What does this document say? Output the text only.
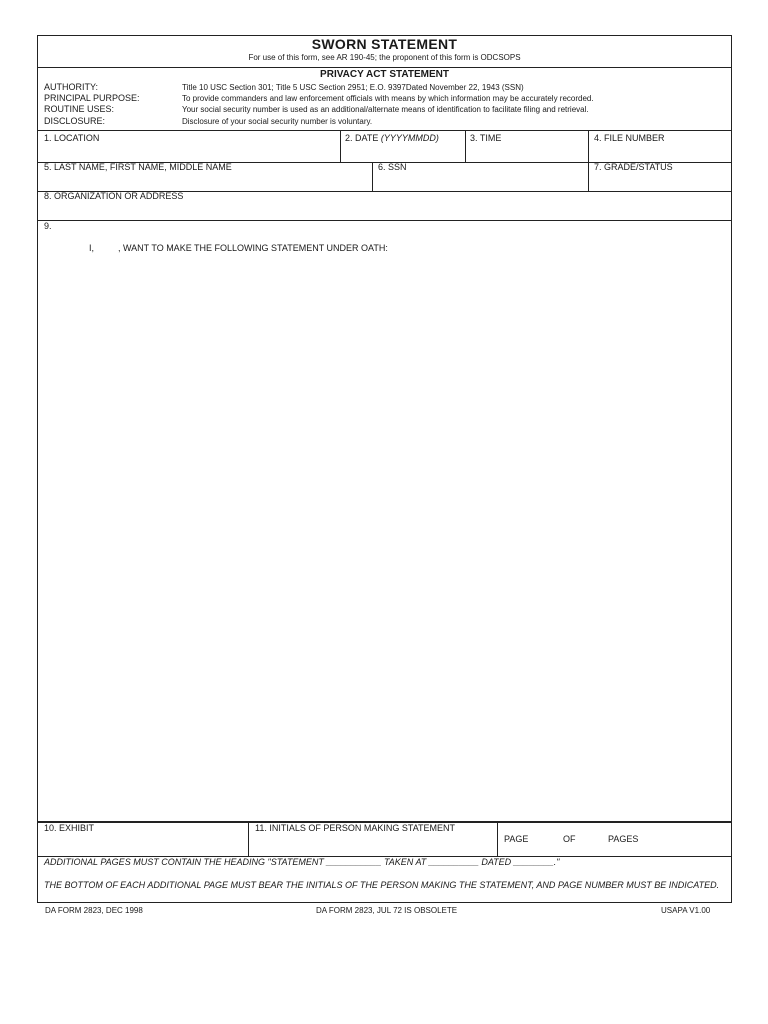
SWORN STATEMENT
For use of this form, see AR 190-45; the proponent of this form is ODCSOPS
PRIVACY ACT STATEMENT
AUTHORITY:	Title 10 USC Section 301; Title 5 USC Section 2951; E.O. 9397Dated November 22, 1943 (SSN)
PRINCIPAL PURPOSE:	To provide commanders and law enforcement officials with means by which information may be accurately recorded.
ROUTINE USES:	Your social security number is used as an additional/alternate means of identification to facilitate filing and retrieval.
DISCLOSURE:	Disclosure of your social security number is voluntary.
1. LOCATION	2. DATE (YYYYMMDD)	3. TIME	4. FILE NUMBER
5. LAST NAME, FIRST NAME, MIDDLE NAME	6. SSN	7. GRADE/STATUS
8. ORGANIZATION OR ADDRESS
9.
I,	, WANT TO MAKE THE FOLLOWING STATEMENT UNDER OATH:
10. EXHIBIT	11. INITIALS OF PERSON MAKING STATEMENT
PAGE	OF	PAGES
ADDITIONAL PAGES MUST CONTAIN THE HEADING "STATEMENT ___________ TAKEN AT __________ DATED ________."
THE BOTTOM OF EACH ADDITIONAL PAGE MUST BEAR THE INITIALS OF THE PERSON MAKING THE STATEMENT, AND PAGE NUMBER MUST BE INDICATED.
DA FORM 2823, DEC 1998	DA FORM 2823, JUL 72 IS OBSOLETE	USAPA V1.00
